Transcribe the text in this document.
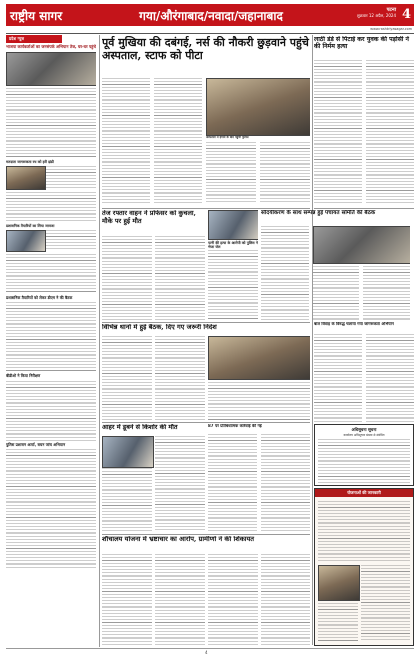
राष्ट्रीय सागर	गया/औरंगाबाद/नवादा/जहानाबाद	पटना
शुक्रवार 12 अप्रैल, 2024 4
www.rashtriyasagar.com
प्रदेश न्यूज
भाजपा कार्यकर्ताओं का जनसंपर्क अभियान तेज, घर-घर पहुंचे
मतदाता जागरूकता रथ को हरी झंडी
प्रशासनिक तैयारियों का लिया जायजा
प्रशासनिक तैयारियों को लेकर डीएम ने की बैठक
बीडीओ ने किया निरीक्षण
पुलिस प्रशासन अलर्ट, सघन जांच अभियान
पूर्व मुखिया की दबंगई, नर्स की नौकरी छुड़वाने पहुंचे अस्पताल, स्टाफ को पीटा
अस्पताल में हंगामे के बाद पहुंची पुलिस
लाठी डंडे से पिटाई कर युवक की पड़ोसी ने की निर्मम हत्या
तेज रफ्तार वाहन ने प्रोफेसर को कुचला, मौके पर हुई मौत
पत्नी की हत्या के आरोपी को पुलिस ने भेजा जेल
सौंदर्यीकरण के साथ सम्पन्न हुई पंचायत समिति की बैठक
विभिन्न थानों में हुई बैठक, दिए गए जरूरी निर्देश
आहर में डूबने से किशोर की मौत	87 पर प्रतिबंधात्मक कार्रवाई की गई
शौचालय योजना में भ्रष्टाचार का आरोप, ग्रामीणों ने की शिकायत
बाल विवाह के विरुद्ध चलाया गया जागरूकता अभियान
अधिसूचना सूचना
कार्यालय अधिसूचना संख्या से संबंधित
योजनाओं की जानकारी
4
